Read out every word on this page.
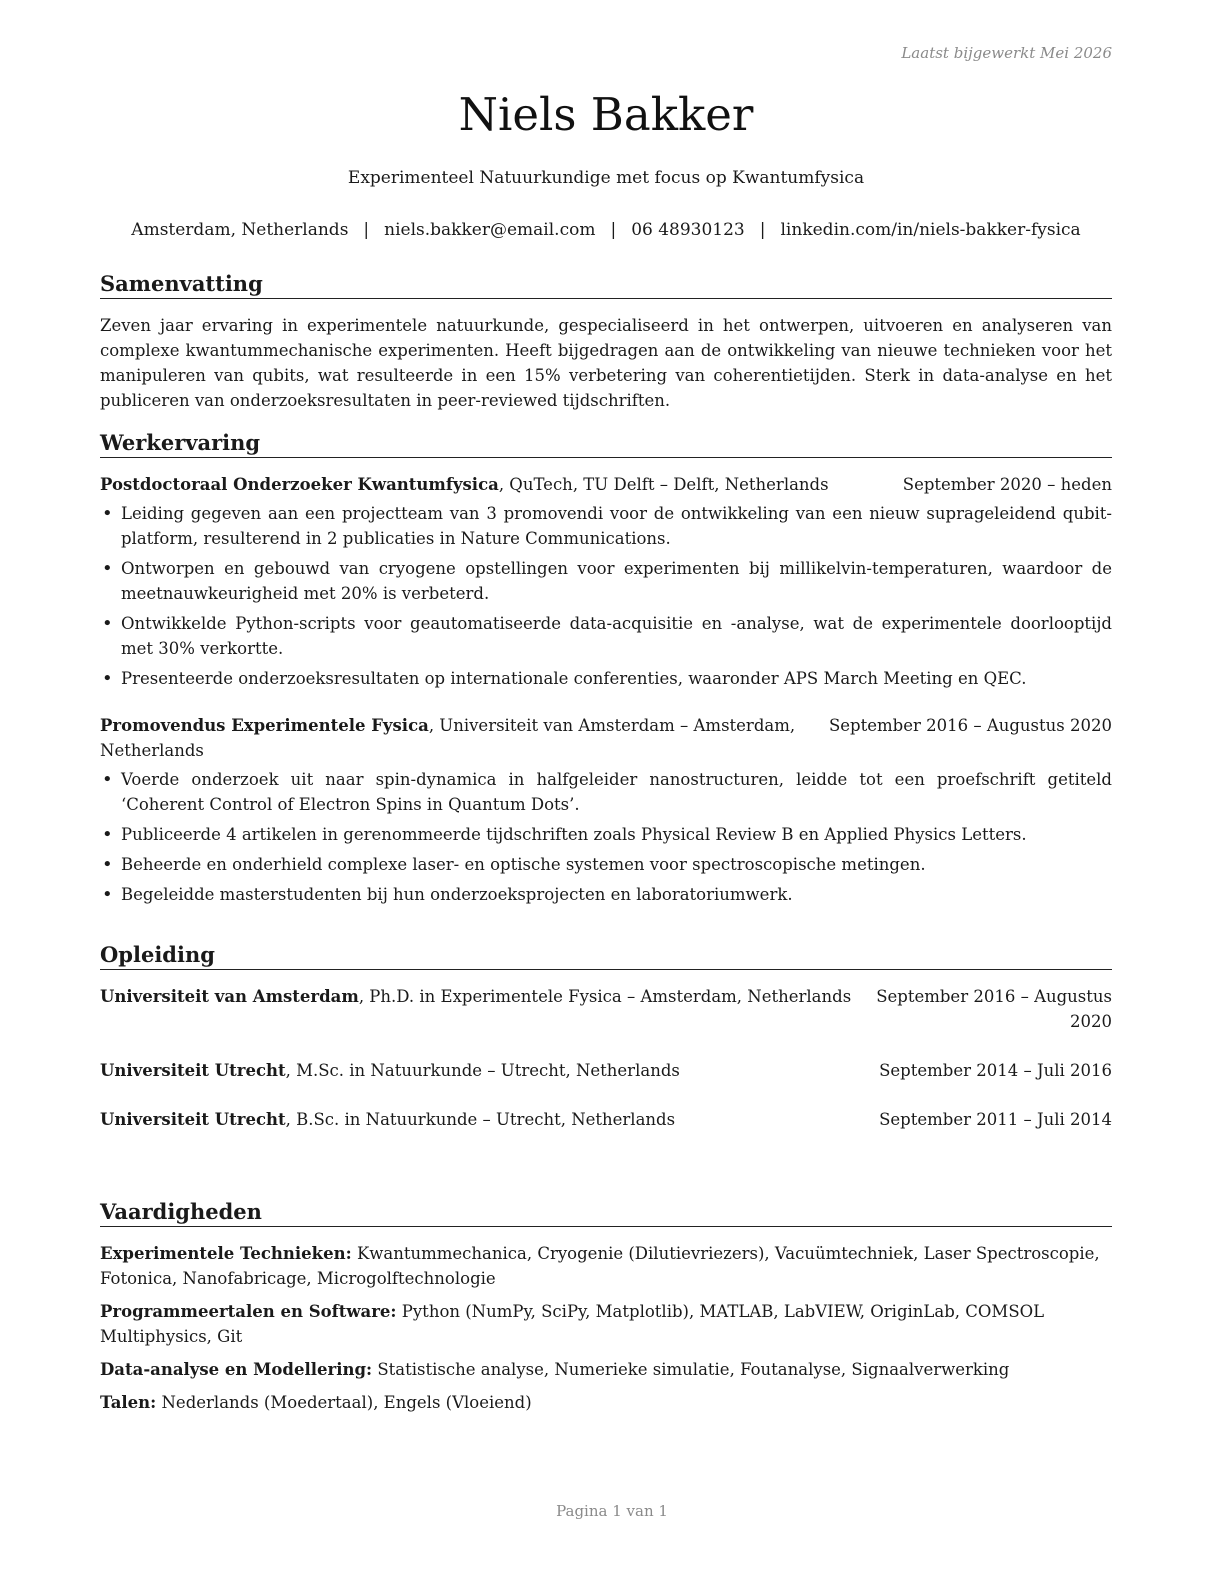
Laatst bijgewerkt Mei 2026
Niels Bakker
Experimenteel Natuurkundige met focus op Kwantumfysica
Amsterdam, Netherlands | niels.bakker@email.com | 06 48930123 | linkedin.com/in/niels-bakker-fysica
Samenvatting
Zeven jaar ervaring in experimentele natuurkunde, gespecialiseerd in het ontwerpen, uitvoeren en analyseren van complexe kwantummechanische experimenten. Heeft bijgedragen aan de ontwikkeling van nieuwe technieken voor het manipuleren van qubits, wat resulteerde in een 15% verbetering van coherentietijden. Sterk in data-analyse en het publiceren van onderzoeksresultaten in peer-reviewed tijdschriften.
Werkervaring
Postdoctoraal Onderzoeker Kwantumfysica, QuTech, TU Delft – Delft, Netherlands	September 2020 – heden
• Leiding gegeven aan een projectteam van 3 promovendi voor de ontwikkeling van een nieuw suprageleidend qubit-platform, resulterend in 2 publicaties in Nature Communications.
• Ontworpen en gebouwd van cryogene opstellingen voor experimenten bij millikelvin-temperaturen, waardoor de meetnauwkeurigheid met 20% is verbeterd.
• Ontwikkelde Python-scripts voor geautomatiseerde data-acquisitie en -analyse, wat de experimentele doorlooptijd met 30% verkortte.
• Presenteerde onderzoeksresultaten op internationale conferenties, waaronder APS March Meeting en QEC.
Promovendus Experimentele Fysica, Universiteit van Amsterdam – Amsterdam, Netherlands
September 2016 – Augustus 2020
• Voerde onderzoek uit naar spin-dynamica in halfgeleider nanostructuren, leidde tot een proefschrift getiteld ‘Coherent Control of Electron Spins in Quantum Dots’.
• Publiceerde 4 artikelen in gerenommeerde tijdschriften zoals Physical Review B en Applied Physics Letters.
• Beheerde en onderhield complexe laser- en optische systemen voor spectroscopische metingen.
• Begeleidde masterstudenten bij hun onderzoeksprojecten en laboratoriumwerk.
Opleiding
Universiteit van Amsterdam, Ph.D. in Experimentele Fysica – Amsterdam, Netherlands September 2016 – Augustus 2020
Universiteit Utrecht, M.Sc. in Natuurkunde – Utrecht, Netherlands	September 2014 – Juli 2016
Universiteit Utrecht, B.Sc. in Natuurkunde – Utrecht, Netherlands	September 2011 – Juli 2014
Vaardigheden
Experimentele Technieken: Kwantummechanica, Cryogenie (Dilutievriezers), Vacuümtechniek, Laser Spectroscopie, Fotonica, Nanofabricage, Microgolftechnologie
Programmeertalen en Software: Python (NumPy, SciPy, Matplotlib), MATLAB, LabVIEW, OriginLab, COMSOL Multiphysics, Git
Data-analyse en Modellering: Statistische analyse, Numerieke simulatie, Foutanalyse, Signaalverwerking
Talen: Nederlands (Moedertaal), Engels (Vloeiend)
Pagina 1 van 1
